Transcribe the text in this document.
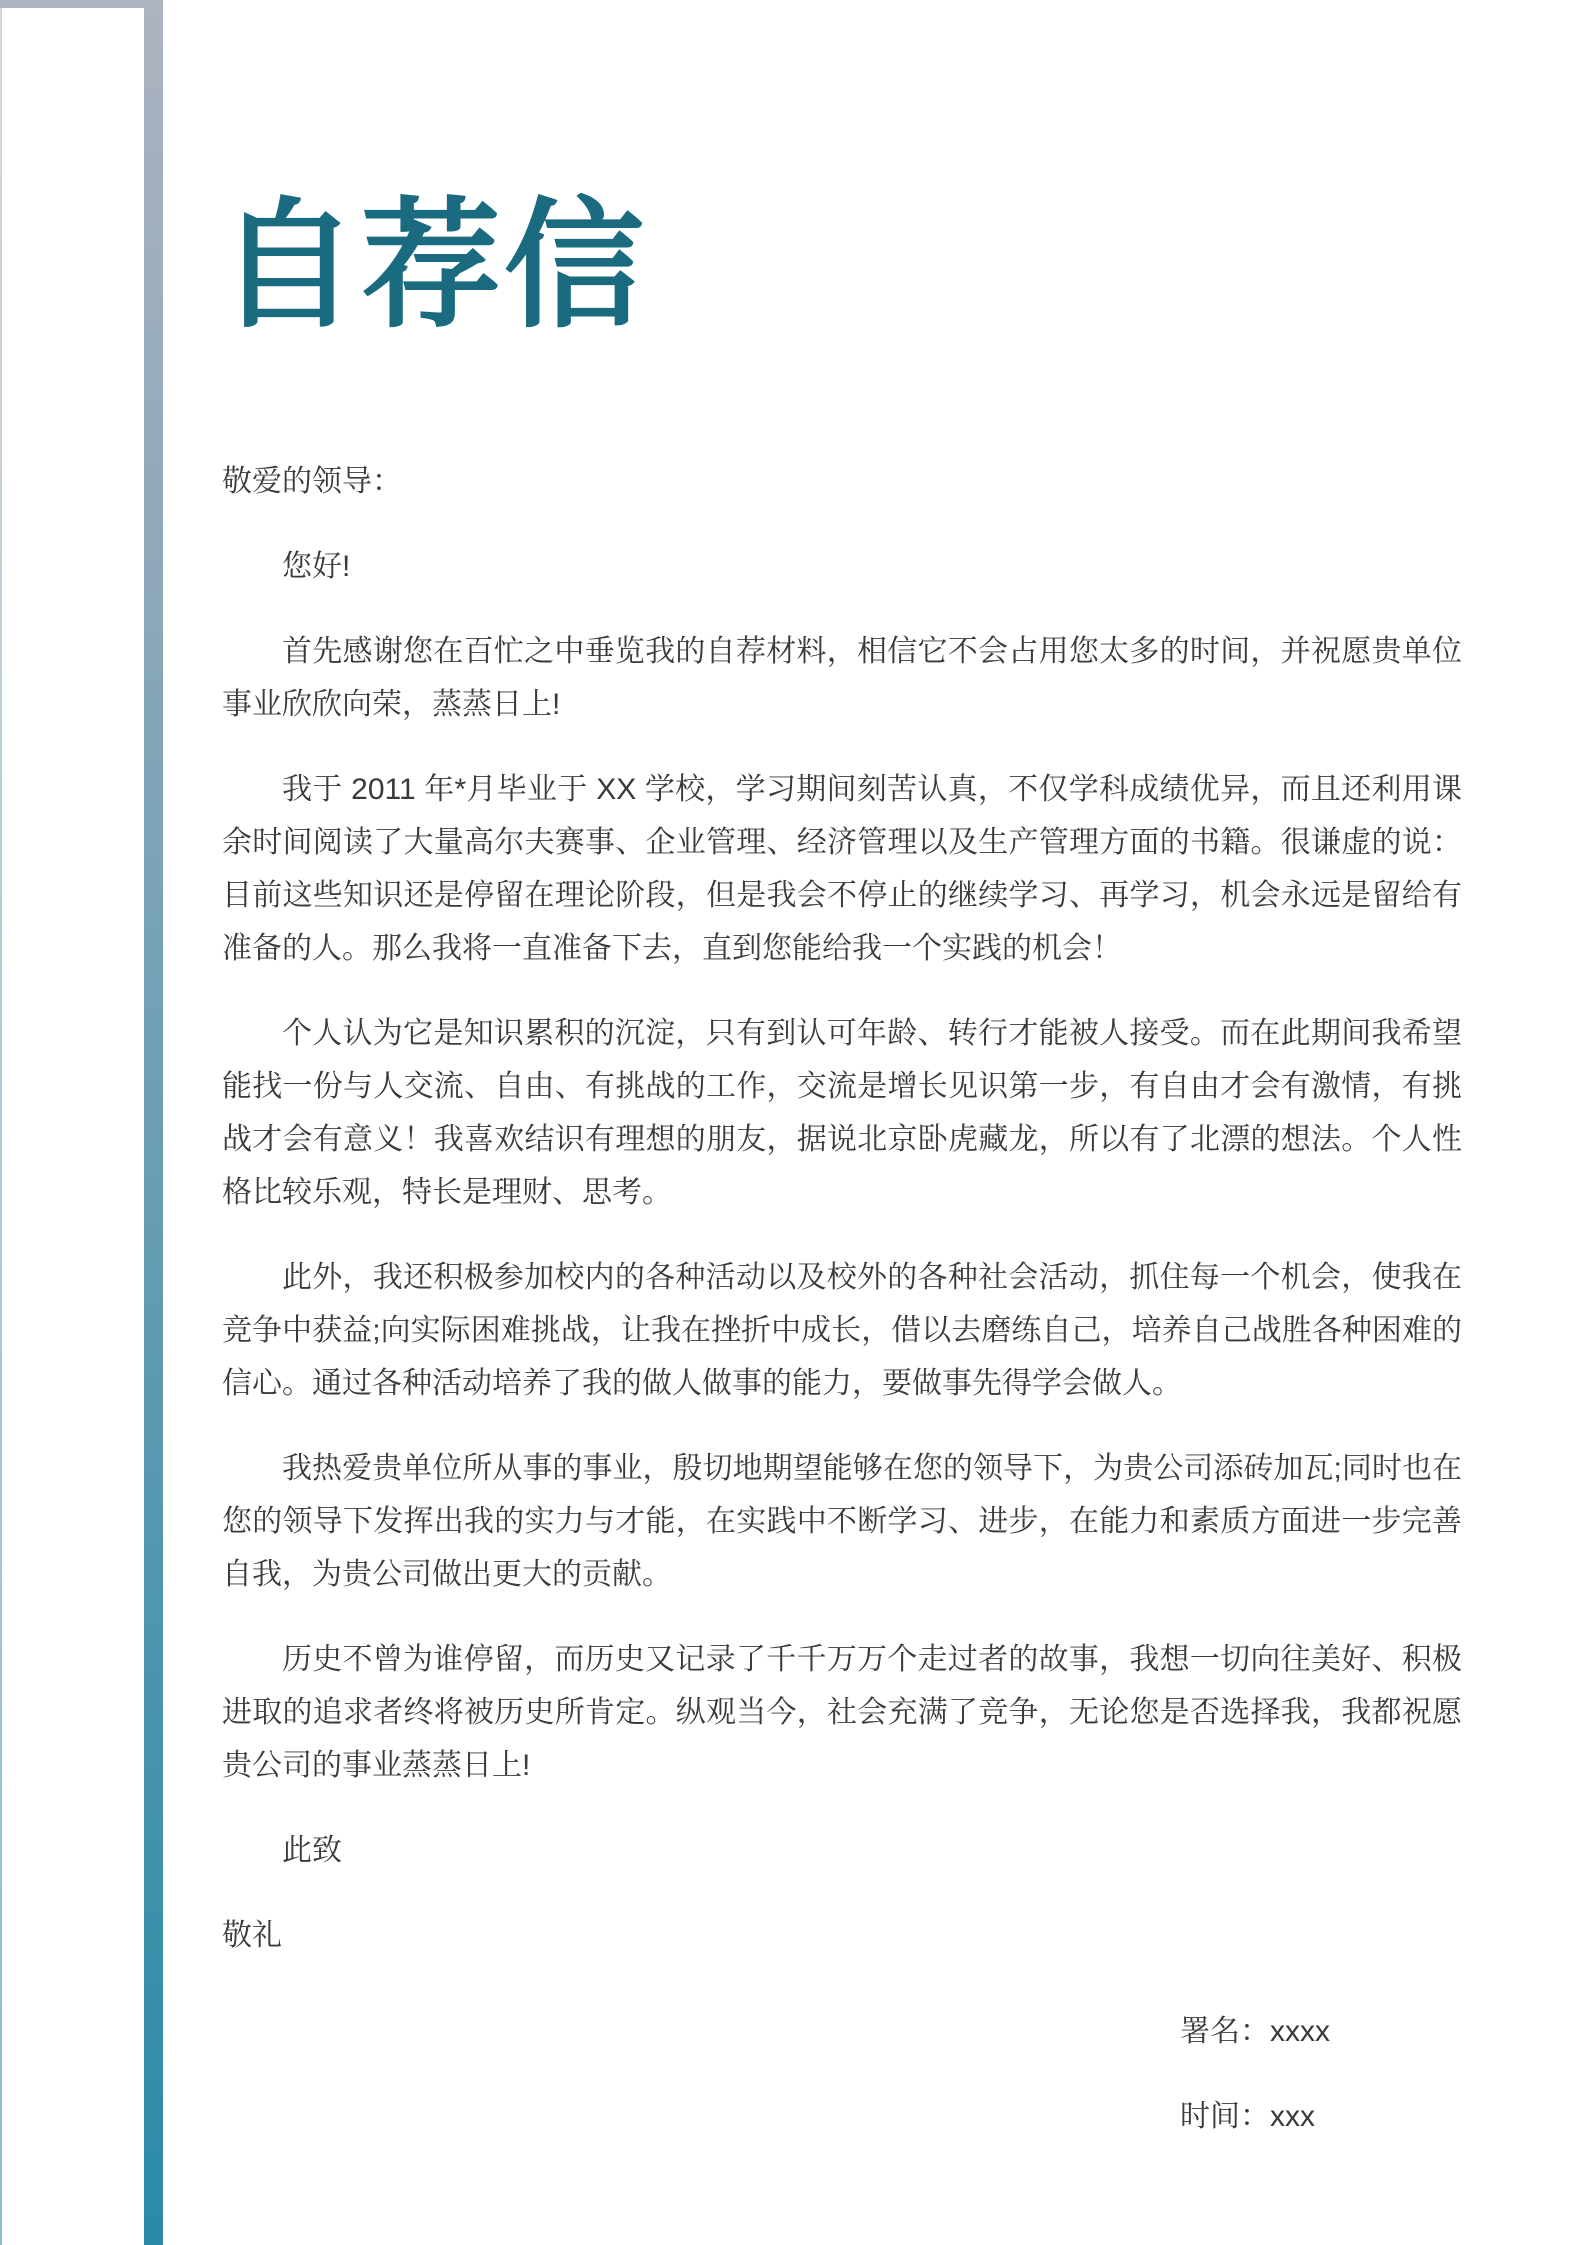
自荐信

敬爱的领导：

您好!

首先感谢您在百忙之中垂览我的自荐材料，相信它不会占用您太多的时间，并祝愿贵单位事业欣欣向荣，蒸蒸日上!

我于 2011 年*月毕业于 XX 学校，学习期间刻苦认真，不仅学科成绩优异，而且还利用课余时间阅读了大量高尔夫赛事、企业管理、经济管理以及生产管理方面的书籍。很谦虚的说：目前这些知识还是停留在理论阶段，但是我会不停止的继续学习、再学习，机会永远是留给有准备的人。那么我将一直准备下去，直到您能给我一个实践的机会！

个人认为它是知识累积的沉淀，只有到认可年龄、转行才能被人接受。而在此期间我希望能找一份与人交流、自由、有挑战的工作，交流是增长见识第一步，有自由才会有激情，有挑战才会有意义！我喜欢结识有理想的朋友，据说北京卧虎藏龙，所以有了北漂的想法。个人性格比较乐观，特长是理财、思考。

此外，我还积极参加校内的各种活动以及校外的各种社会活动，抓住每一个机会，使我在竞争中获益;向实际困难挑战，让我在挫折中成长，借以去磨练自己，培养自己战胜各种困难的信心。通过各种活动培养了我的做人做事的能力，要做事先得学会做人。

我热爱贵单位所从事的事业，殷切地期望能够在您的领导下，为贵公司添砖加瓦;同时也在您的领导下发挥出我的实力与才能，在实践中不断学习、进步，在能力和素质方面进一步完善自我，为贵公司做出更大的贡献。

历史不曾为谁停留，而历史又记录了千千万万个走过者的故事，我想一切向往美好、积极进取的追求者终将被历史所肯定。纵观当今，社会充满了竞争，无论您是否选择我，我都祝愿贵公司的事业蒸蒸日上!

此致

敬礼

署名：xxxx

时间：xxx
